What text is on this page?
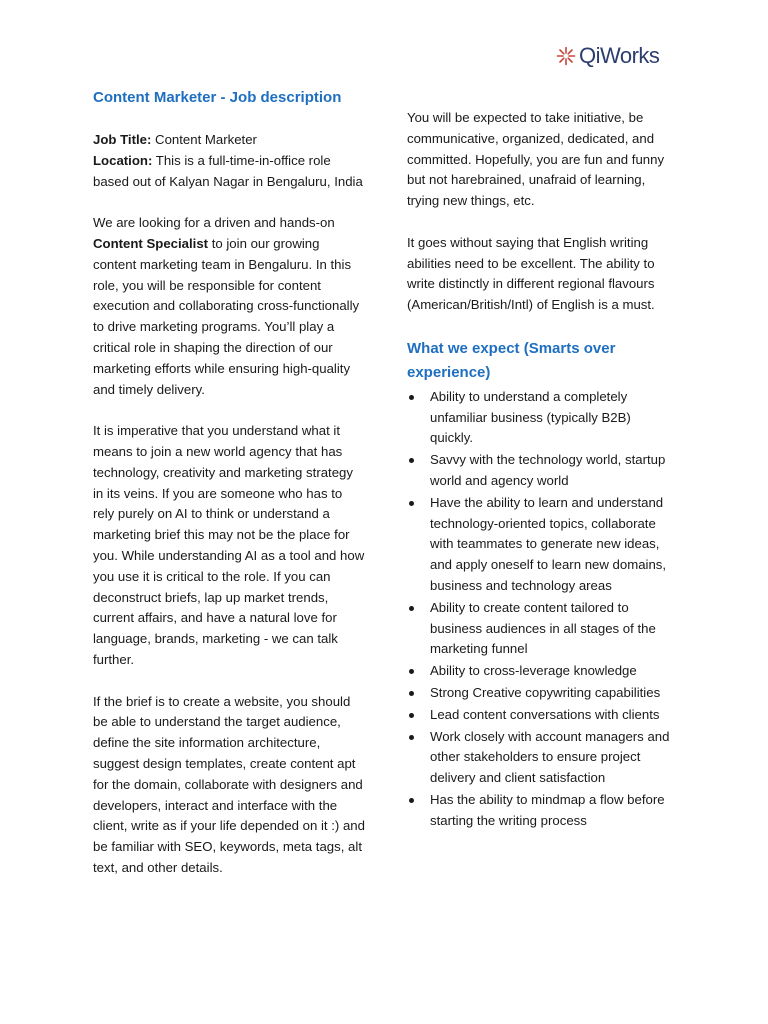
QiWorks
Content Marketer - Job description

Job Title: Content Marketer

Location: This is a full-time-in-office role based out of Kalyan Nagar in Bengaluru, India

We are looking for a driven and hands-on Content Specialist to join our growing content marketing team in Bengaluru. In this role, you will be responsible for content execution and collaborating cross-functionally to drive marketing programs. You’ll play a critical role in shaping the direction of our marketing efforts while ensuring high-quality and timely delivery.

It is imperative that you understand what it means to join a new world agency that has technology, creativity and marketing strategy in its veins. If you are someone who has to rely purely on AI to think or understand a marketing brief this may not be the place for you. While understanding AI as a tool and how you use it is critical to the role. If you can deconstruct briefs, lap up market trends, current affairs, and have a natural love for language, brands, marketing - we can talk further.

If the brief is to create a website, you should be able to understand the target audience, define the site information architecture, suggest design templates, create content apt for the domain, collaborate with designers and developers, interact and interface with the client, write as if your life depended on it :) and be familiar with SEO, keywords, meta tags, alt text, and other details.

You will be expected to take initiative, be communicative, organized, dedicated, and committed. Hopefully, you are fun and funny but not harebrained, unafraid of learning, trying new things, etc.

It goes without saying that English writing abilities need to be excellent. The ability to write distinctly in different regional flavours (American/British/Intl) of English is a must.

What we expect (Smarts over experience)
Ability to understand a completely unfamiliar business (typically B2B) quickly.
Savvy with the technology world, startup world and agency world
Have the ability to learn and understand technology-oriented topics, collaborate with teammates to generate new ideas, and apply oneself to learn new domains, business and technology areas
Ability to create content tailored to business audiences in all stages of the marketing funnel
Ability to cross-leverage knowledge
Strong Creative copywriting capabilities
Lead content conversations with clients
Work closely with account managers and other stakeholders to ensure project delivery and client satisfaction
Has the ability to mindmap a flow before starting the writing process
